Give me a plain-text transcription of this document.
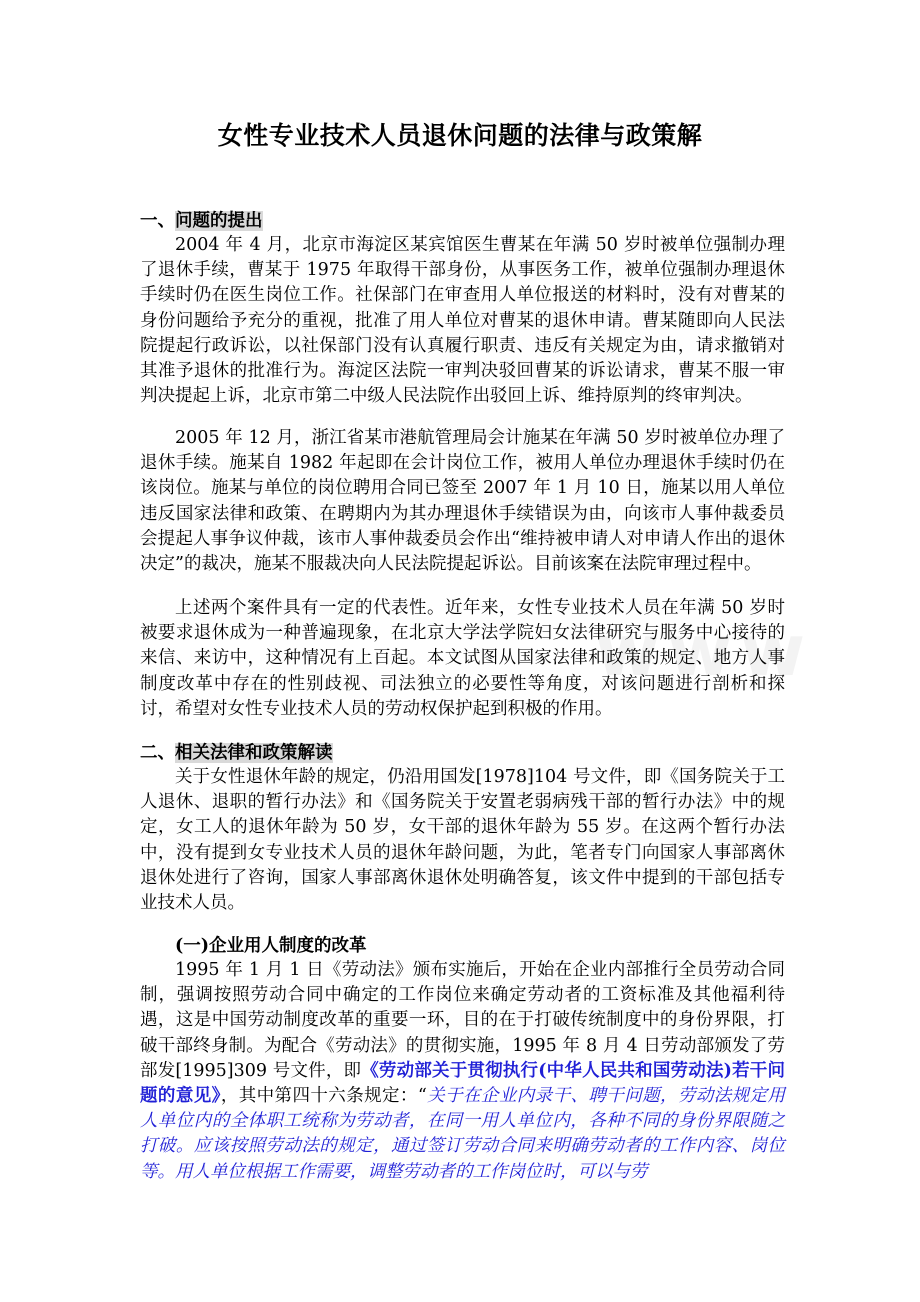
www
女性专业技术人员退休问题的法律与政策解

一、问题的提出

2004 年 4 月，北京市海淀区某宾馆医生曹某在年满 50 岁时被单位强制办理了退休手续，曹某于 1975 年取得干部身份，从事医务工作，被单位强制办理退休手续时仍在医生岗位工作。社保部门在审查用人单位报送的材料时，没有对曹某的身份问题给予充分的重视，批准了用人单位对曹某的退休申请。曹某随即向人民法院提起行政诉讼，以社保部门没有认真履行职责、违反有关规定为由，请求撤销对其准予退休的批准行为。海淀区法院一审判决驳回曹某的诉讼请求，曹某不服一审判决提起上诉，北京市第二中级人民法院作出驳回上诉、维持原判的终审判决。

2005 年 12 月，浙江省某市港航管理局会计施某在年满 50 岁时被单位办理了退休手续。施某自 1982 年起即在会计岗位工作，被用人单位办理退休手续时仍在该岗位。施某与单位的岗位聘用合同已签至 2007 年 1 月 10 日，施某以用人单位违反国家法律和政策、在聘期内为其办理退休手续错误为由，向该市人事仲裁委员会提起人事争议仲裁，该市人事仲裁委员会作出“维持被申请人对申请人作出的退休决定”的裁决，施某不服裁决向人民法院提起诉讼。目前该案在法院审理过程中。

上述两个案件具有一定的代表性。近年来，女性专业技术人员在年满 50 岁时被要求退休成为一种普遍现象，在北京大学法学院妇女法律研究与服务中心接待的来信、来访中，这种情况有上百起。本文试图从国家法律和政策的规定、地方人事制度改革中存在的性别歧视、司法独立的必要性等角度，对该问题进行剖析和探讨，希望对女性专业技术人员的劳动权保护起到积极的作用。

二、相关法律和政策解读

关于女性退休年龄的规定，仍沿用国发[1978]104 号文件，即《国务院关于工人退休、退职的暂行办法》和《国务院关于安置老弱病残干部的暂行办法》中的规定，女工人的退休年龄为 50 岁，女干部的退休年龄为 55 岁。在这两个暂行办法中，没有提到女专业技术人员的退休年龄问题，为此，笔者专门向国家人事部离休退休处进行了咨询，国家人事部离休退休处明确答复，该文件中提到的干部包括专业技术人员。

(一)企业用人制度的改革

1995 年 1 月 1 日《劳动法》颁布实施后，开始在企业内部推行全员劳动合同制，强调按照劳动合同中确定的工作岗位来确定劳动者的工资标准及其他福利待遇，这是中国劳动制度改革的重要一环，目的在于打破传统制度中的身份界限，打破干部终身制。为配合《劳动法》的贯彻实施，1995 年 8 月 4 日劳动部颁发了劳部发[1995]309 号文件，即《劳动部关于贯彻执行(中华人民共和国劳动法)若干问题的意见》，其中第四十六条规定：“关于在企业内录干、聘干问题，劳动法规定用人单位内的全体职工统称为劳动者，在同一用人单位内，各种不同的身份界限随之打破。应该按照劳动法的规定，通过签订劳动合同来明确劳动者的工作内容、岗位等。用人单位根据工作需要，调整劳动者的工作岗位时，可以与劳
